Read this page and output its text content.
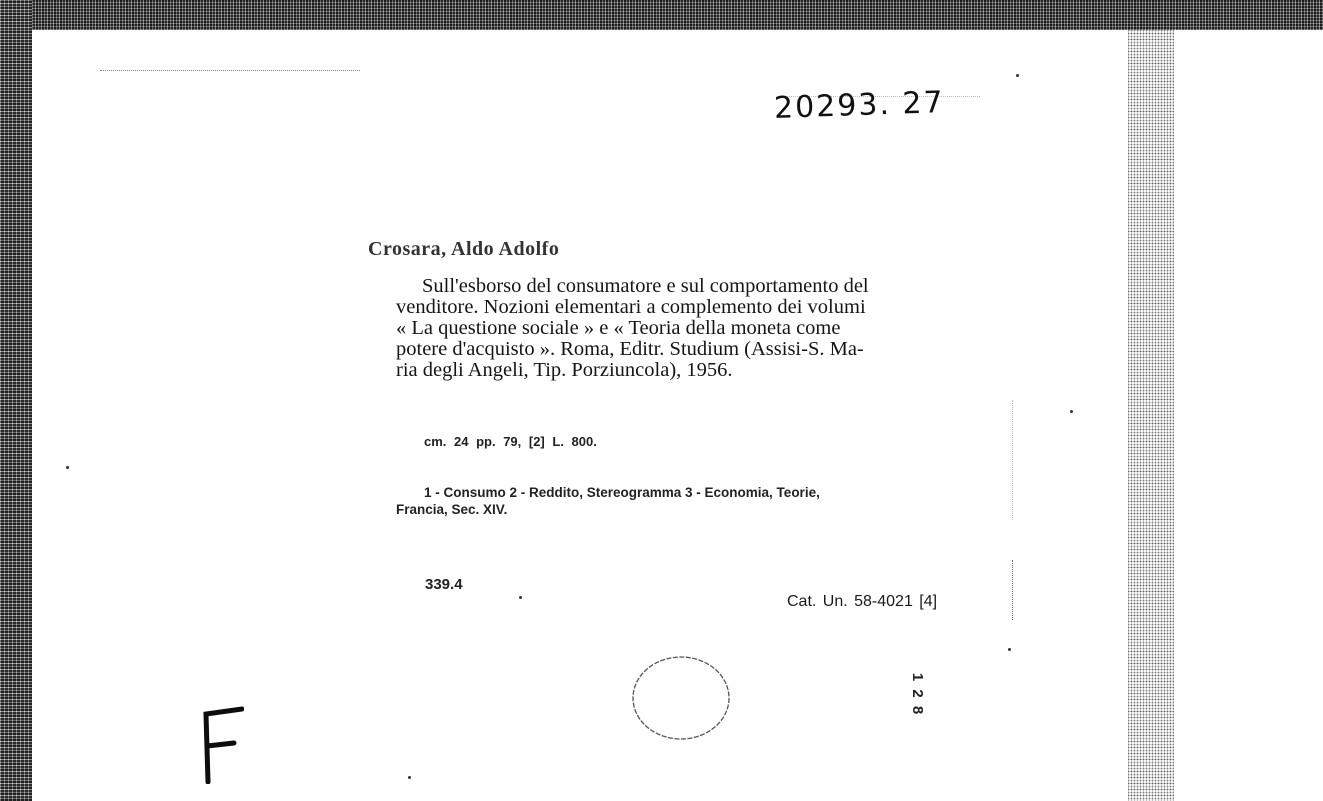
20293. 27
Crosara, Aldo Adolfo
Sull'esborso del consumatore e sul comportamento del
venditore. Nozioni elementari a complemento dei volumi
« La questione sociale » e « Teoria della moneta come
potere d'acquisto ». Roma, Editr. Studium (Assisi-S. Ma-
ria degli Angeli, Tip. Porziuncola), 1956.
cm. 24 pp. 79, [2] L. 800.
1 - Consumo 2 - Reddito, Stereogramma 3 - Economia, Teorie,
Francia, Sec. XIV.
339.4
Cat. Un. 58-4021 [4]
1 2 8
